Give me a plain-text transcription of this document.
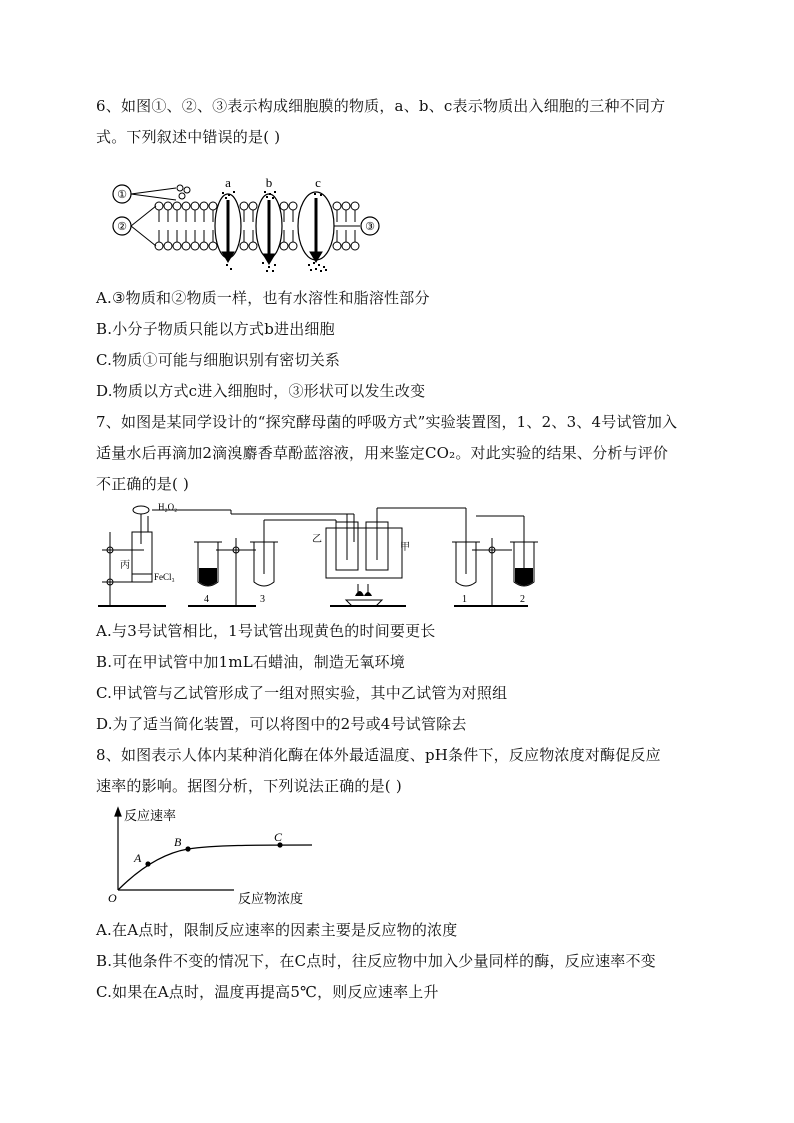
6、如图①、②、③表示构成细胞膜的物质，a、b、c表示物质出入细胞的三种不同方
式。下列叙述中错误的是( )
①
②
a	b	c
③
A.③物质和②物质一样，也有水溶性和脂溶性部分
B.小分子物质只能以方式b进出细胞
C.物质①可能与细胞识别有密切关系
D.物质以方式c进入细胞时，③形状可以发生改变
7、如图是某同学设计的“探究酵母菌的呼吸方式”实验装置图，1、2、3、4号试管加入
适量水后再滴加2滴溴麝香草酚蓝溶液，用来鉴定CO₂。对此实验的结果、分析与评价
不正确的是( )
H₂O₂
FeCl₃
丙
乙
甲
4	3	1	2
A.与3号试管相比，1号试管出现黄色的时间要更长
B.可在甲试管中加1mL石蜡油，制造无氧环境
C.甲试管与乙试管形成了一组对照实验，其中乙试管为对照组
D.为了适当简化装置，可以将图中的2号或4号试管除去
8、如图表示人体内某种消化酶在体外最适温度、pH条件下，反应物浓度对酶促反应
速率的影响。据图分析，下列说法正确的是( )
A
B	C
O
反应速率
反应物浓度
A.在A点时，限制反应速率的因素主要是反应物的浓度
B.其他条件不变的情况下，在C点时，往反应物中加入少量同样的酶，反应速率不变
C.如果在A点时，温度再提高5℃，则反应速率上升
